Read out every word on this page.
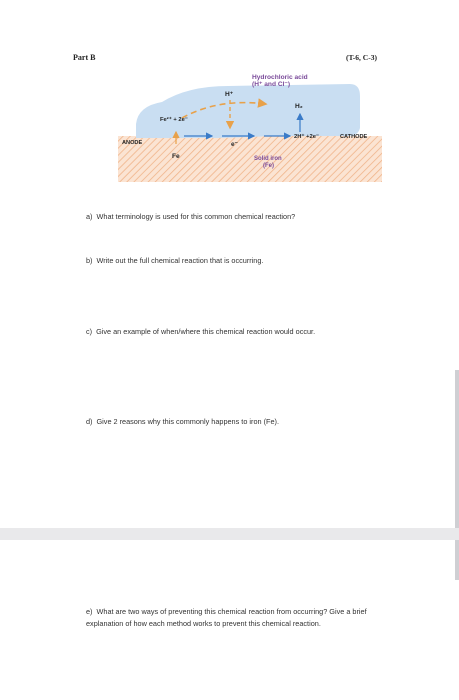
Part B	(T-6, C-3)
Hydrochloric acid
(H⁺ and Cl⁻)
H⁺
H₂
Fe²⁺ + 2e⁻
e⁻
2H⁺ +2e⁻	CATHODE
ANODE
Fe	Solid iron
(Fe)
a) What terminology is used for this common chemical reaction?
b) Write out the full chemical reaction that is occurring.
c) Give an example of when/where this chemical reaction would occur.
d) Give 2 reasons why this commonly happens to iron (Fe).
e) What are two ways of preventing this chemical reaction from occurring? Give a brief explanation of how each method works to prevent this chemical reaction.
